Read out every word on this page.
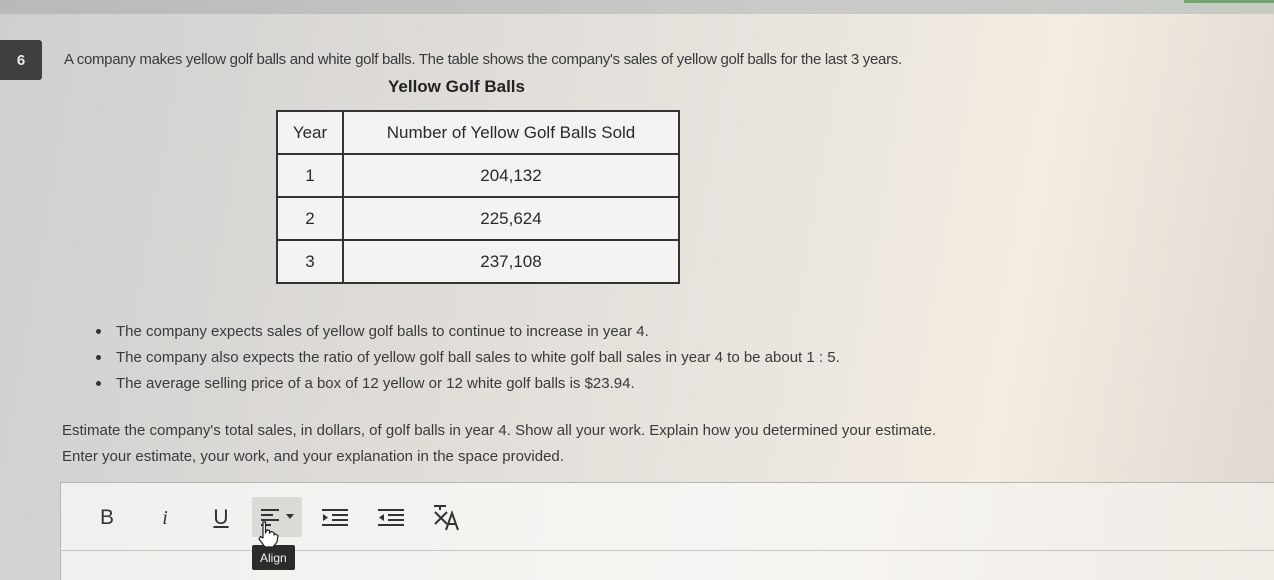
6	A company makes yellow golf balls and white golf balls. The table shows the company's sales of yellow golf balls for the last 3 years.
Yellow Golf Balls
Year	Number of Yellow Golf Balls Sold
1	204,132
2	225,624
3	237,108
The company expects sales of yellow golf balls to continue to increase in year 4.
The company also expects the ratio of yellow golf ball sales to white golf ball sales in year 4 to be about 1 : 5.
The average selling price of a box of 12 yellow or 12 white golf balls is $23.94.
Estimate the company's total sales, in dollars, of golf balls in year 4. Show all your work. Explain how you determined your estimate.
Enter your estimate, your work, and your explanation in the space provided.
B	i	U
Align
